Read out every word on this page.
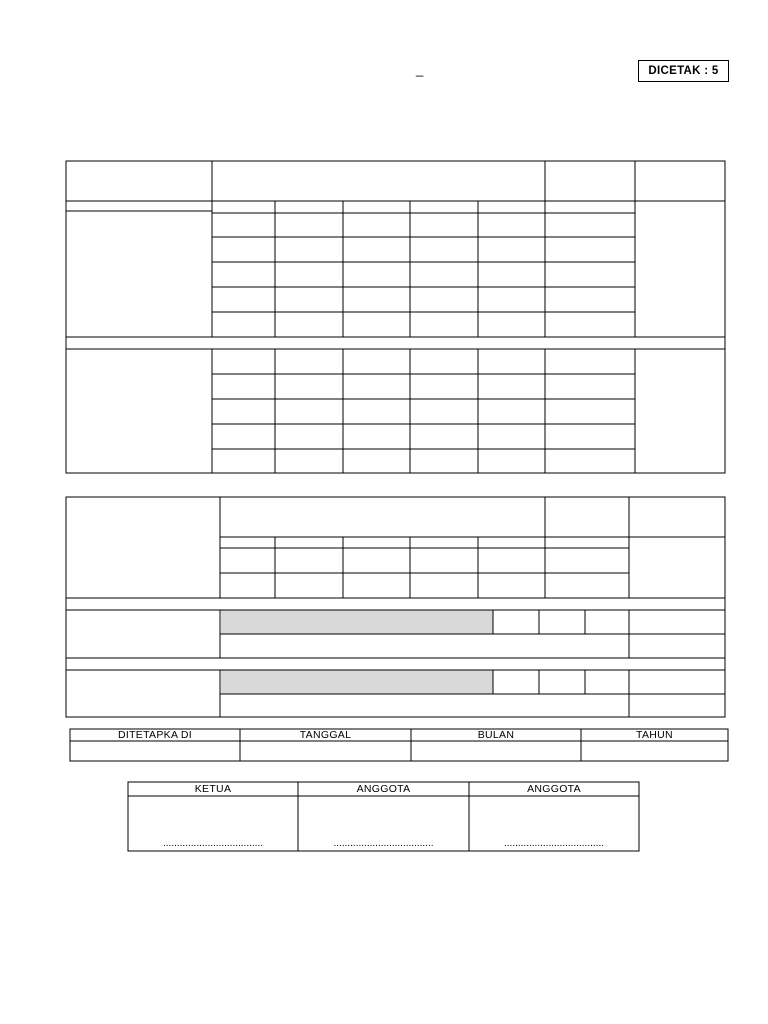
_	DICETAK : 5
DITETAPKA DI	TANGGAL	BULAN	TAHUN
KETUA	ANGGOTA	ANGGOTA
....................................	....................................	....................................
